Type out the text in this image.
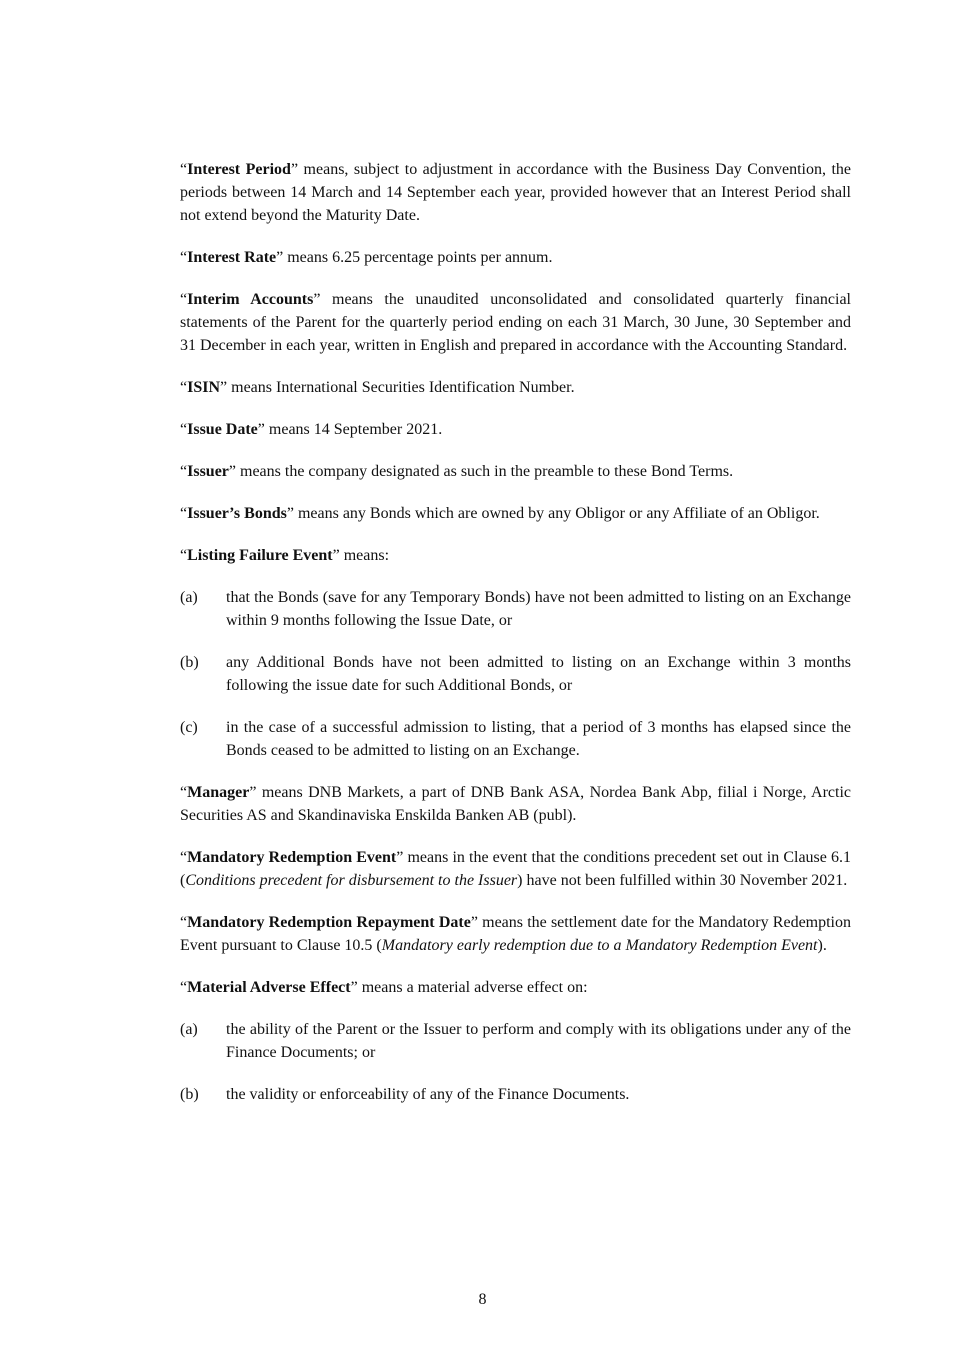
“Interest Period” means, subject to adjustment in accordance with the Business Day Convention, the periods between 14 March and 14 September each year, provided however that an Interest Period shall not extend beyond the Maturity Date.

“Interest Rate” means 6.25 percentage points per annum.

“Interim Accounts” means the unaudited unconsolidated and consolidated quarterly financial statements of the Parent for the quarterly period ending on each 31 March, 30 June, 30 September and 31 December in each year, written in English and prepared in accordance with the Accounting Standard.

“ISIN” means International Securities Identification Number.

“Issue Date” means 14 September 2021.

“Issuer” means the company designated as such in the preamble to these Bond Terms.

“Issuer’s Bonds” means any Bonds which are owned by any Obligor or any Affiliate of an Obligor.

“Listing Failure Event” means:

(a)	that the Bonds (save for any Temporary Bonds) have not been admitted to listing on an Exchange within 9 months following the Issue Date, or
(b)	any Additional Bonds have not been admitted to listing on an Exchange within 3 months following the issue date for such Additional Bonds, or
(c)	in the case of a successful admission to listing, that a period of 3 months has elapsed since the Bonds ceased to be admitted to listing on an Exchange.

“Manager” means DNB Markets, a part of DNB Bank ASA, Nordea Bank Abp, filial i Norge, Arctic Securities AS and Skandinaviska Enskilda Banken AB (publ).

“Mandatory Redemption Event” means in the event that the conditions precedent set out in Clause 6.1 (Conditions precedent for disbursement to the Issuer) have not been fulfilled within 30 November 2021.

“Mandatory Redemption Repayment Date” means the settlement date for the Mandatory Redemption Event pursuant to Clause 10.5 (Mandatory early redemption due to a Mandatory Redemption Event).

“Material Adverse Effect” means a material adverse effect on:

(a)	the ability of the Parent or the Issuer to perform and comply with its obligations under any of the Finance Documents; or
(b)	the validity or enforceability of any of the Finance Documents.
8
